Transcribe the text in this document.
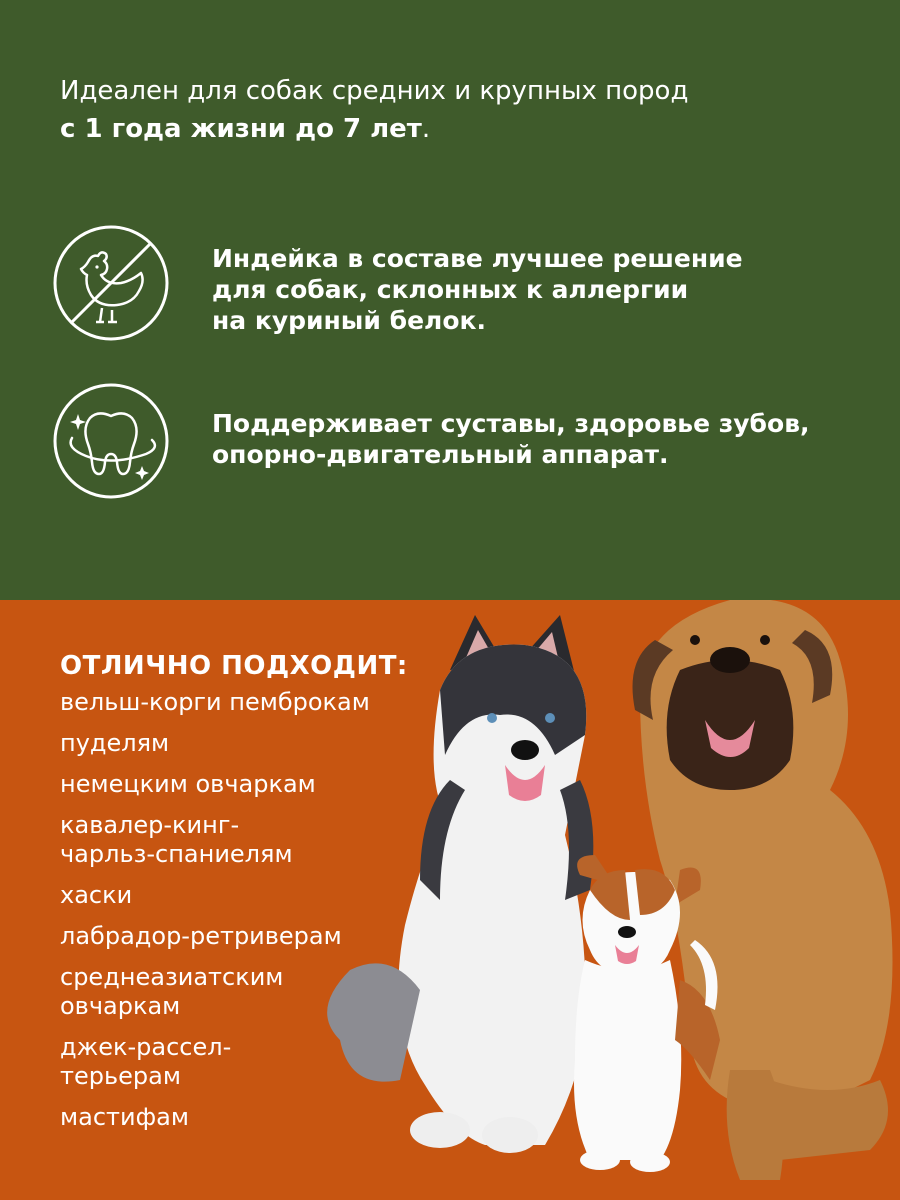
Идеален для собак средних и крупных пород
с 1 года жизни до 7 лет.
Индейка в составе лучшее решение
для собак, склонных к аллергии
на куриный белок.
Поддерживает суставы, здоровье зубов,
опорно-двигательный аппарат.
ОТЛИЧНО ПОДХОДИТ:
вельш-корги пемброкам
пуделям
немецким овчаркам
кавалер-кинг-чарльз-спаниелям
хаски
лабрадор-ретриверам
среднеазиатским овчаркам
джек-рассел-терьерам
мастифам
